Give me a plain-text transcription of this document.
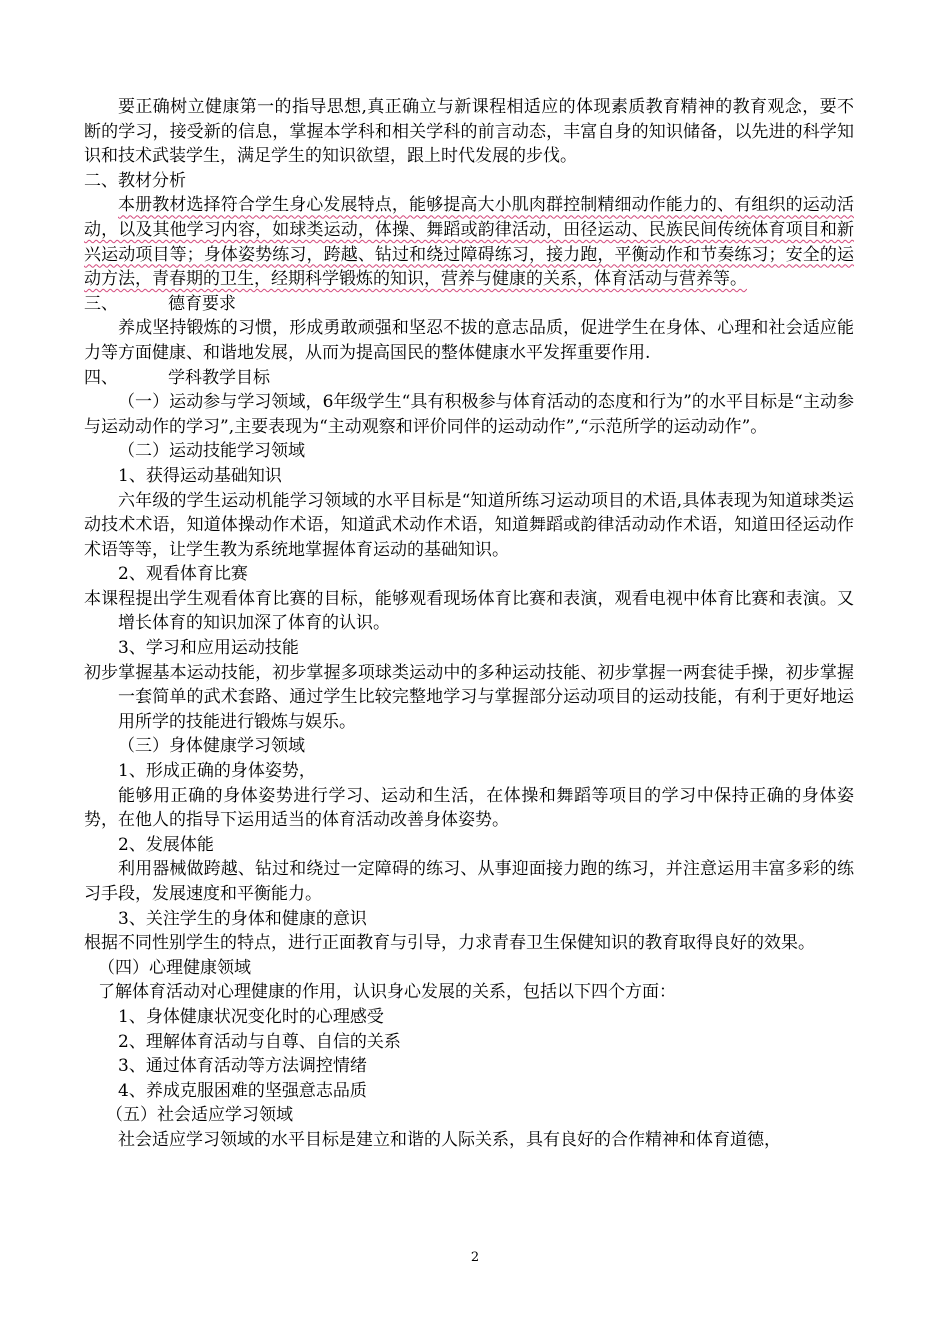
要正确树立健康第一的指导思想,真正确立与新课程相适应的体现素质教育精神的教育观念，要不断的学习，接受新的信息，掌握本学科和相关学科的前言动态，丰富自身的知识储备，以先进的科学知识和技术武装学生，满足学生的知识欲望，跟上时代发展的步伐。

二、教材分析

本册教材选择符合学生身心发展特点，能够提高大小肌肉群控制精细动作能力的、有组织的运动活动，以及其他学习内容，如球类运动，体操、舞蹈或韵律活动，田径运动、民族民间传统体育项目和新兴运动项目等；身体姿势练习，跨越、钻过和绕过障碍练习，接力跑，平衡动作和节奏练习；安全的运动方法，青春期的卫生，经期科学锻炼的知识，营养与健康的关系，体育活动与营养等。

三、	德育要求

养成坚持锻炼的习惯，形成勇敢顽强和坚忍不拔的意志品质，促进学生在身体、心理和社会适应能力等方面健康、和谐地发展，从而为提高国民的整体健康水平发挥重要作用.

四、	学科教学目标

（一）运动参与学习领域，6年级学生“具有积极参与体育活动的态度和行为”的水平目标是“主动参与运动动作的学习”,主要表现为“主动观察和评价同伴的运动动作”,“示范所学的运动动作”。

（二）运动技能学习领域

1、获得运动基础知识

六年级的学生运动机能学习领域的水平目标是“知道所练习运动项目的术语,具体表现为知道球类运动技术术语，知道体操动作术语，知道武术动作术语，知道舞蹈或韵律活动动作术语，知道田径运动作术语等等，让学生教为系统地掌握体育运动的基础知识。

2、观看体育比赛

本课程提出学生观看体育比赛的目标，能够观看现场体育比赛和表演，观看电视中体育比赛和表演。又增长体育的知识加深了体育的认识。

3、学习和应用运动技能

初步掌握基本运动技能，初步掌握多项球类运动中的多种运动技能、初步掌握一两套徒手操，初步掌握一套简单的武术套路、通过学生比较完整地学习与掌握部分运动项目的运动技能，有利于更好地运用所学的技能进行锻炼与娱乐。

（三）身体健康学习领域

1、形成正确的身体姿势，

能够用正确的身体姿势进行学习、运动和生活，在体操和舞蹈等项目的学习中保持正确的身体姿势，在他人的指导下运用适当的体育活动改善身体姿势。

2、发展体能

利用器械做跨越、钻过和绕过一定障碍的练习、从事迎面接力跑的练习，并注意运用丰富多彩的练习手段，发展速度和平衡能力。

3、关注学生的身体和健康的意识

根据不同性别学生的特点，进行正面教育与引导，力求青春卫生保健知识的教育取得良好的效果。

（四）心理健康领域

了解体育活动对心理健康的作用，认识身心发展的关系，包括以下四个方面：

1、身体健康状况变化时的心理感受

2、理解体育活动与自尊、自信的关系

3、通过体育活动等方法调控情绪

4、养成克服困难的坚强意志品质

（五）社会适应学习领域

社会适应学习领域的水平目标是建立和谐的人际关系，具有良好的合作精神和体育道德，

2
